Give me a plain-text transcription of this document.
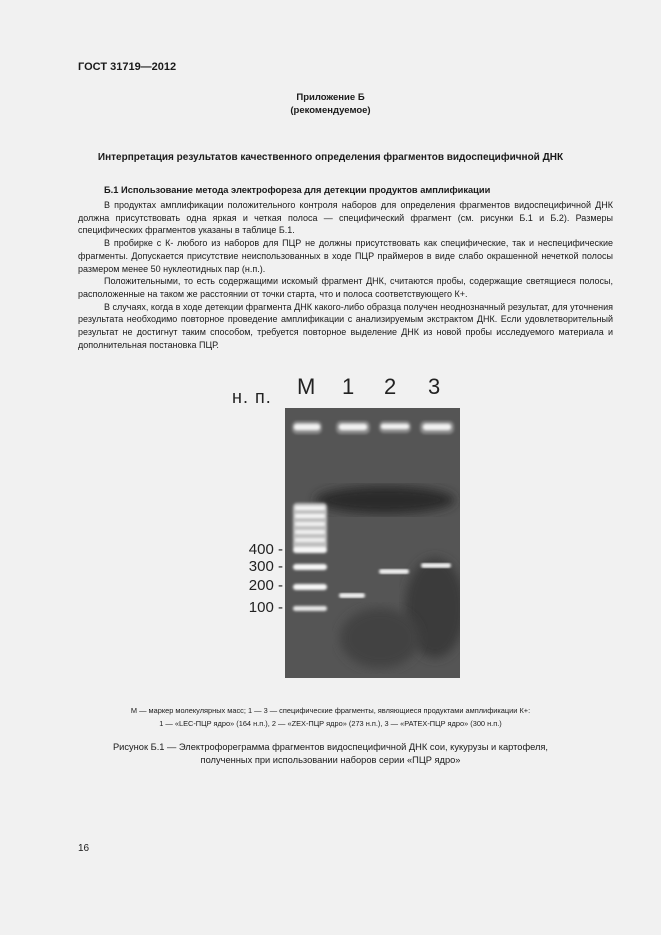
ГОСТ 31719—2012
Приложение Б
(рекомендуемое)
Интерпретация результатов качественного определения фрагментов видоспецифичной ДНК
Б.1 Использование метода электрофореза для детекции продуктов амплификации

В продуктах амплификации положительного контроля наборов для определения фрагментов видоспецифичной ДНК должна присутствовать одна яркая и четкая полоса — специфический фрагмент (см. рисунки Б.1 и Б.2). Размеры специфических фрагментов указаны в таблице Б.1.

В пробирке с К- любого из наборов для ПЦР не должны присутствовать как специфические, так и неспецифические фрагменты. Допускается присутствие неиспользованных в ходе ПЦР праймеров в виде слабо окрашенной нечеткой полосы размером менее 50 нуклеотидных пар (н.п.).

Положительными, то есть содержащими искомый фрагмент ДНК, считаются пробы, содержащие светящиеся полосы, расположенные на таком же расстоянии от точки старта, что и полоса соответствующего К+.

В случаях, когда в ходе детекции фрагмента ДНК какого-либо образца получен неоднозначный результат, для уточнения результата необходимо повторное проведение амплификации с анализируемым экстрактом ДНК. Если удовлетворительный результат не достигнут таким способом, требуется повторное выделение ДНК из новой пробы исследуемого материала и дополнительная постановка ПЦР.

н. п. М 1 2 3
400 -
300 -
200 -
100 -
М — маркер молекулярных масс; 1 — 3 — специфические фрагменты, являющиеся продуктами амплификации К+:
1 — «LEC-ПЦР ядро» (164 н.п.), 2 — «ZEX-ПЦР ядро» (273 н.п.), 3 — «PATEX-ПЦР ядро» (300 н.п.)
Рисунок Б.1 — Электрофореграмма фрагментов видоспецифичной ДНК сои, кукурузы и картофеля,
полученных при использовании наборов серии «ПЦР ядро»
16
